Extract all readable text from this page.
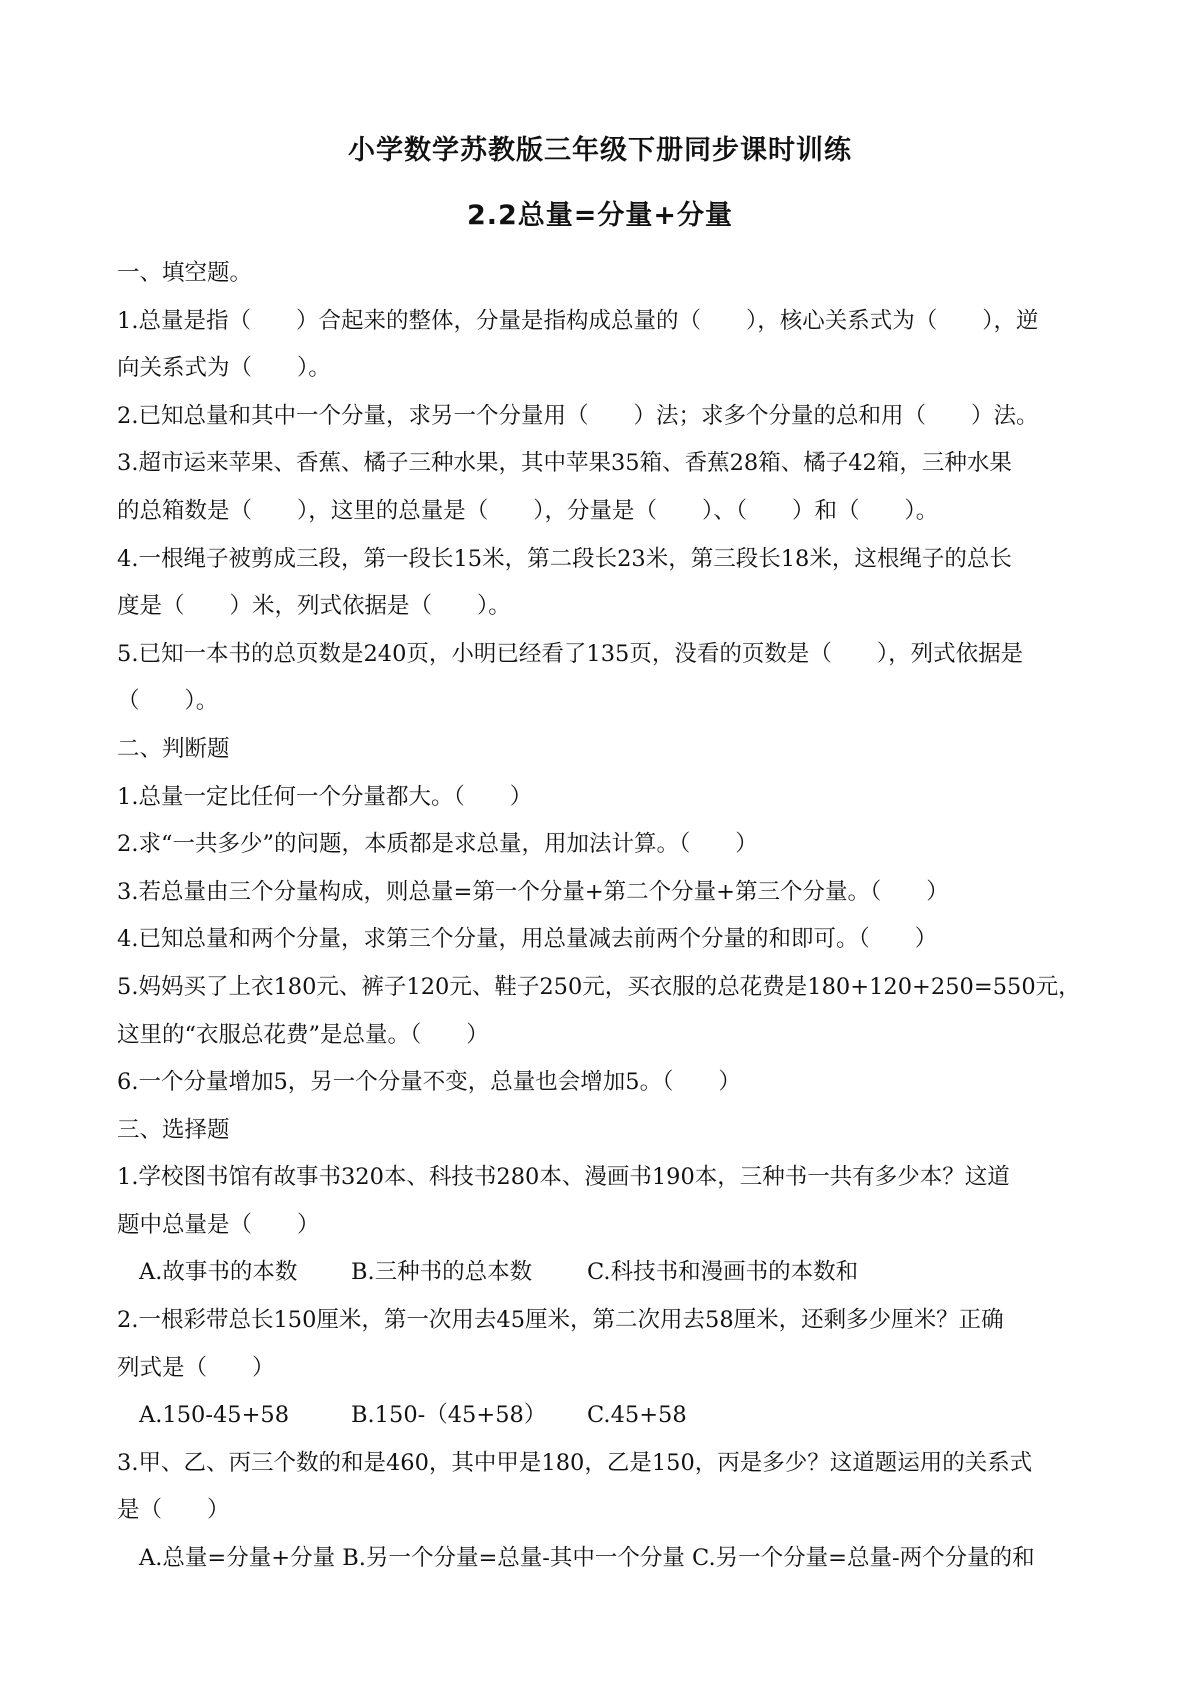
小学数学苏教版三年级下册同步课时训练
2.2总量=分量+分量

一、填空题。

1.总量是指（　　）合起来的整体，分量是指构成总量的（　　），核心关系式为（　　），逆

向关系式为（　　）。

2.已知总量和其中一个分量，求另一个分量用（　　）法；求多个分量的总和用（　　）法。

3.超市运来苹果、香蕉、橘子三种水果，其中苹果35箱、香蕉28箱、橘子42箱，三种水果

的总箱数是（　　），这里的总量是（　　），分量是（　　）、（　　）和（　　）。

4.一根绳子被剪成三段，第一段长15米，第二段长23米，第三段长18米，这根绳子的总长

度是（　　）米，列式依据是（　　）。

5.已知一本书的总页数是240页，小明已经看了135页，没看的页数是（　　），列式依据是

（　　）。

二、判断题

1.总量一定比任何一个分量都大。（　　）

2.求“一共多少”的问题，本质都是求总量，用加法计算。（　　）

3.若总量由三个分量构成，则总量=第一个分量+第二个分量+第三个分量。（　　）

4.已知总量和两个分量，求第三个分量，用总量减去前两个分量的和即可。（　　）

5.妈妈买了上衣180元、裤子120元、鞋子250元，买衣服的总花费是180+120+250=550元，

这里的“衣服总花费”是总量。（　　）

6.一个分量增加5，另一个分量不变，总量也会增加5。（　　）

三、选择题

1.学校图书馆有故事书320本、科技书280本、漫画书190本，三种书一共有多少本？这道

题中总量是（　　）

A.故事书的本数	B.三种书的总本数	C.科技书和漫画书的本数和

2.一根彩带总长150厘米，第一次用去45厘米，第二次用去58厘米，还剩多少厘米？正确

列式是（　　）

A.150-45+58	B.150-（45+58）	C.45+58

3.甲、乙、丙三个数的和是460，其中甲是180，乙是150，丙是多少？这道题运用的关系式

是（　　）

A.总量=分量+分量 B.另一个分量=总量-其中一个分量 C.另一个分量=总量-两个分量的和
